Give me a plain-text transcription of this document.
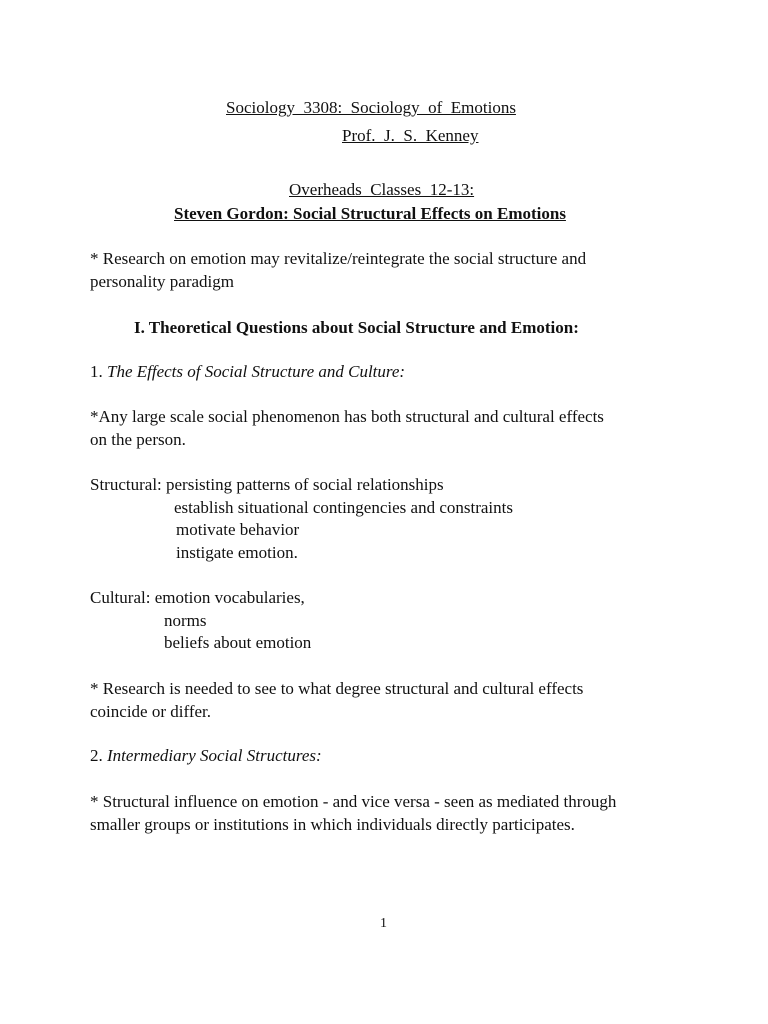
Sociology  3308:  Sociology  of  Emotions
Prof.  J.  S.  Kenney
Overheads  Classes  12-13:
Steven Gordon: Social Structural Effects on Emotions
* Research on emotion may revitalize/reintegrate the social structure and
personality paradigm
I. Theoretical Questions about Social Structure and Emotion:
1. The Effects of Social Structure and Culture:
*Any large scale social phenomenon has both structural and cultural effects
on the person.
Structural: persisting patterns of social relationships
establish situational contingencies and constraints
motivate behavior
instigate emotion.
Cultural: emotion vocabularies,
norms
beliefs about emotion
* Research is needed to see to what degree structural and cultural effects
coincide or differ.
2. Intermediary Social Structures:
* Structural influence on emotion - and vice versa - seen as mediated through
smaller groups or institutions in which individuals directly participates.
1
